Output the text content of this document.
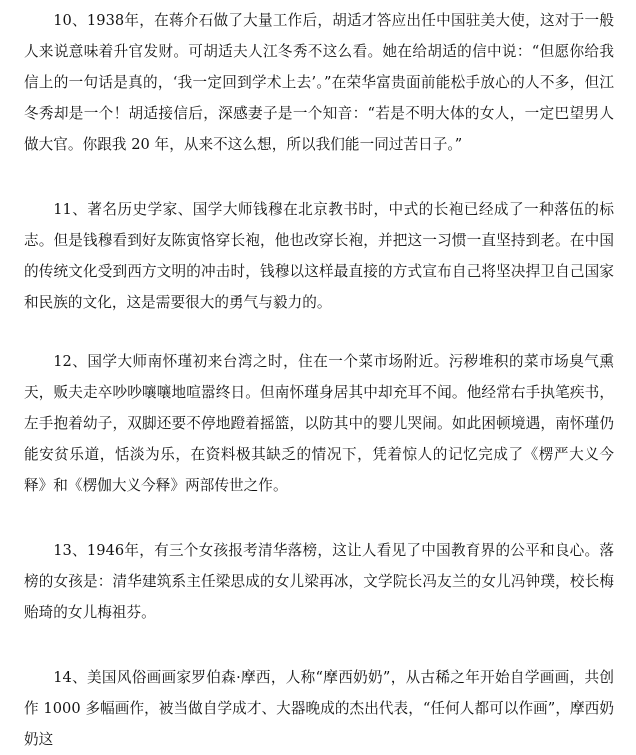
10、1938年，在蒋介石做了大量工作后，胡适才答应出任中国驻美大使，这对于一般人来说意味着升官发财。可胡适夫人江冬秀不这么看。她在给胡适的信中说：“但愿你给我信上的一句话是真的，‘我一定回到学术上去’。”在荣华富贵面前能松手放心的人不多，但江冬秀却是一个！胡适接信后，深感妻子是一个知音：“若是不明大体的女人，一定巴望男人做大官。你跟我 20 年，从来不这么想，所以我们能一同过苦日子。”

11、著名历史学家、国学大师钱穆在北京教书时，中式的长袍已经成了一种落伍的标志。但是钱穆看到好友陈寅恪穿长袍，他也改穿长袍，并把这一习惯一直坚持到老。在中国的传统文化受到西方文明的冲击时，钱穆以这样最直接的方式宣布自己将坚决捍卫自己国家和民族的文化，这是需要很大的勇气与毅力的。

12、国学大师南怀瑾初来台湾之时，住在一个菜市场附近。污秽堆积的菜市场臭气熏天，贩夫走卒吵吵嚷嚷地喧嚣终日。但南怀瑾身居其中却充耳不闻。他经常右手执笔疾书，左手抱着幼子，双脚还要不停地蹬着摇篮，以防其中的婴儿哭闹。如此困顿境遇，南怀瑾仍能安贫乐道，恬淡为乐，在资料极其缺乏的情况下，凭着惊人的记忆完成了《楞严大义今释》和《楞伽大义今释》两部传世之作。

13、1946年，有三个女孩报考清华落榜，这让人看见了中国教育界的公平和良心。落榜的女孩是：清华建筑系主任梁思成的女儿梁再冰，文学院长冯友兰的女儿冯钟璞，校长梅贻琦的女儿梅祖芬。

14、美国风俗画画家罗伯森·摩西，人称“摩西奶奶”，从古稀之年开始自学画画，共创作 1000 多幅画作，被当做自学成才、大器晚成的杰出代表，“任何人都可以作画”，摩西奶奶这
